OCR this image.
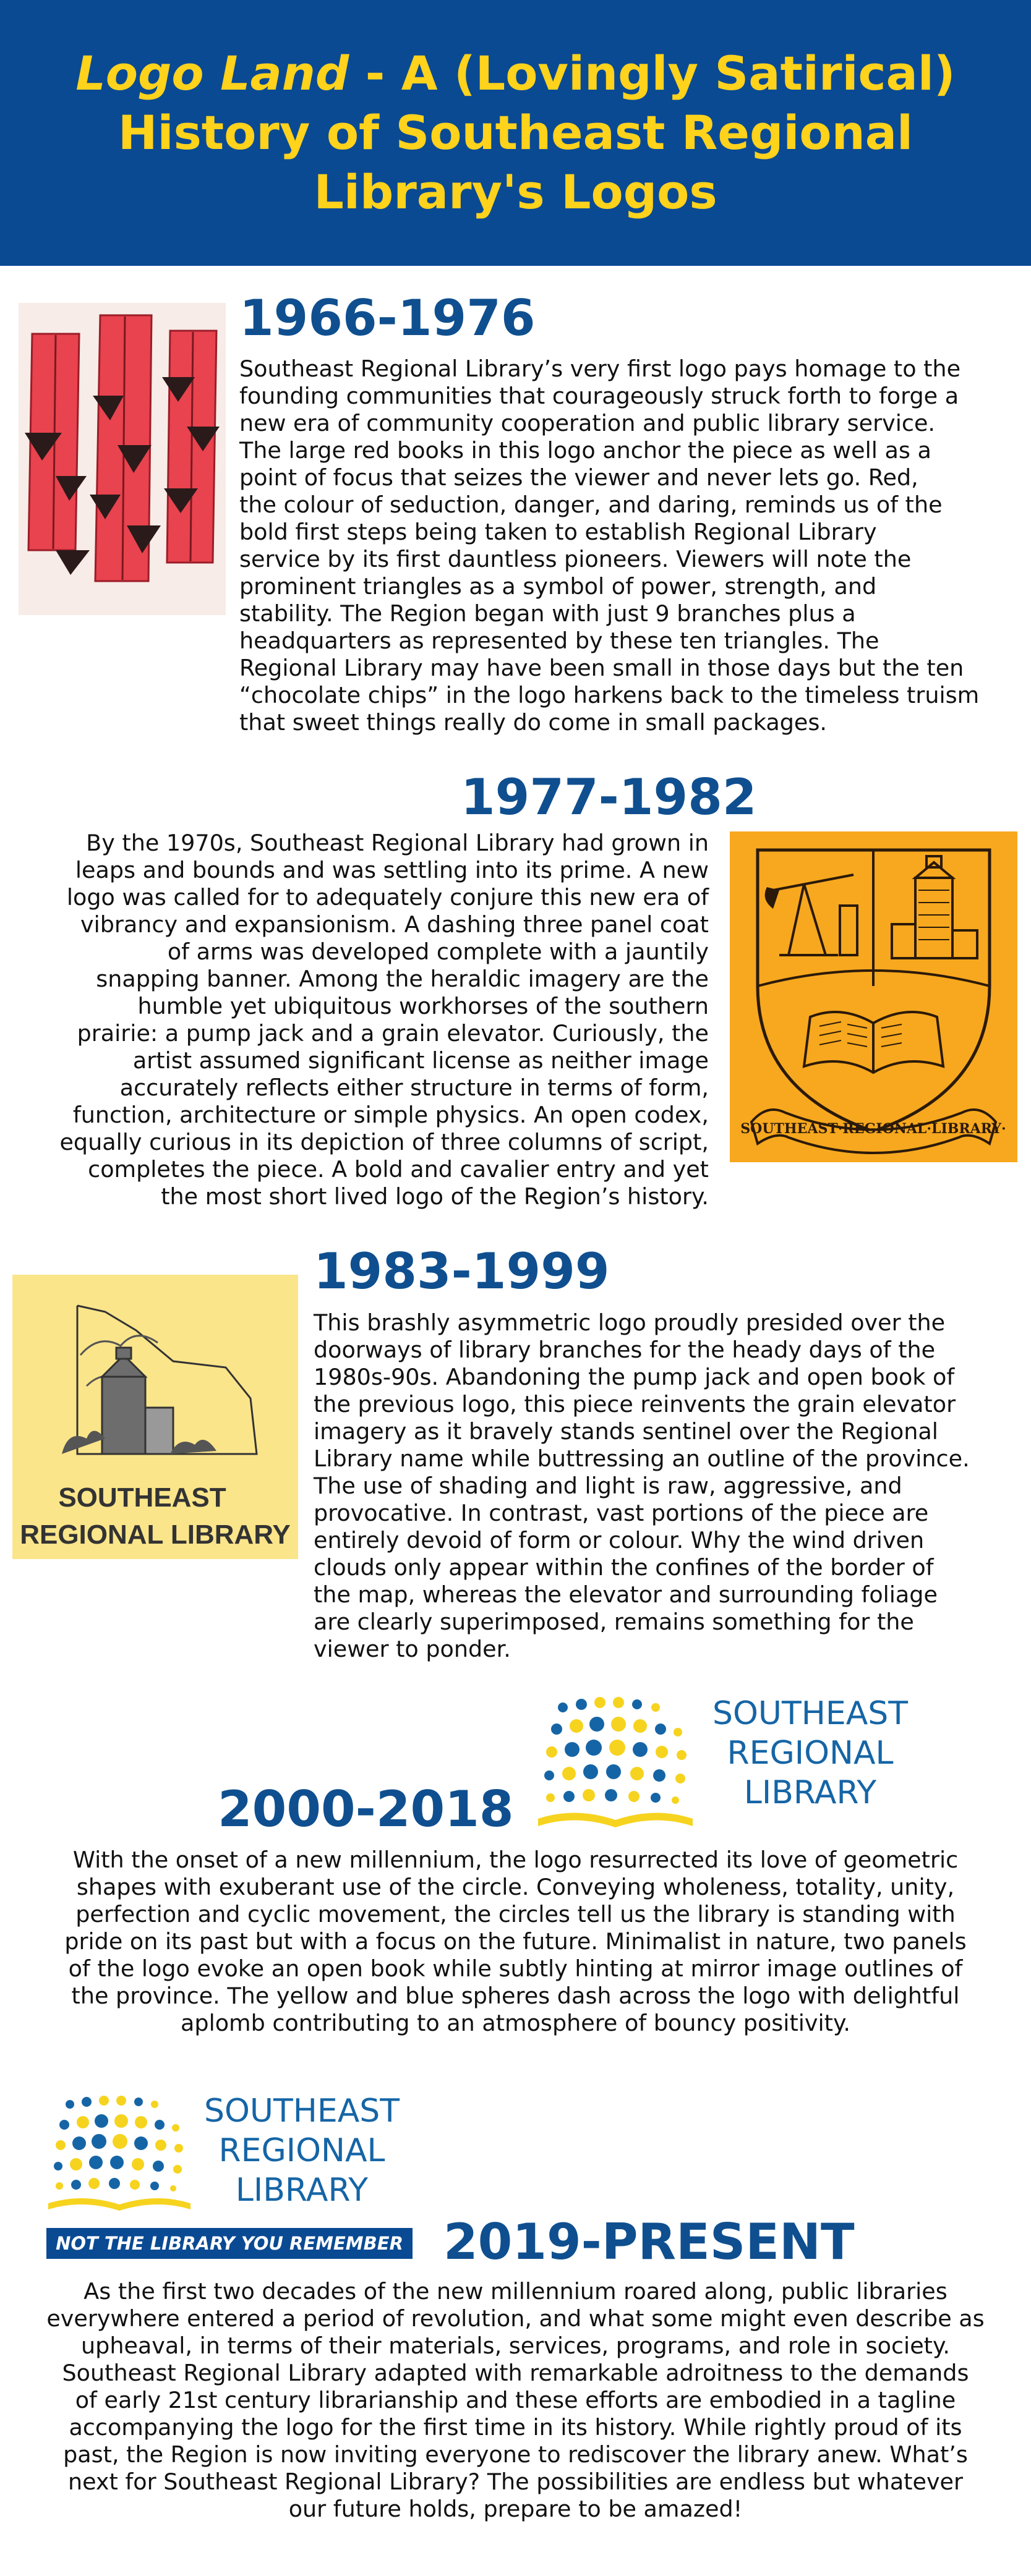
Logo Land - A (Lovingly Satirical)
History of Southeast Regional
Library's Logos
1966-1976
Southeast Regional Library’s very first logo pays homage to the
founding communities that courageously struck forth to forge a
new era of community cooperation and public library service.
The large red books in this logo anchor the piece as well as a
point of focus that seizes the viewer and never lets go. Red,
the colour of seduction, danger, and daring, reminds us of the
bold first steps being taken to establish Regional Library
service by its first dauntless pioneers. Viewers will note the
prominent triangles as a symbol of power, strength, and
stability. The Region began with just 9 branches plus a
headquarters as represented by these ten triangles. The
Regional Library may have been small in those days but the ten
“chocolate chips” in the logo harkens back to the timeless truism
that sweet things really do come in small packages.
1977-1982
By the 1970s, Southeast Regional Library had grown in
leaps and bounds and was settling into its prime. A new
logo was called for to adequately conjure this new era of
vibrancy and expansionism. A dashing three panel coat
of arms was developed complete with a jauntily
snapping banner. Among the heraldic imagery are the
humble yet ubiquitous workhorses of the southern
prairie: a pump jack and a grain elevator. Curiously, the
artist assumed significant license as neither image
accurately reflects either structure in terms of form,
function, architecture or simple physics. An open codex,
equally curious in its depiction of three columns of script,
completes the piece. A bold and cavalier entry and yet
the most short lived logo of the Region’s history.
SOUTHEAST·REGIONAL·LIBRARY·
SOUTHEAST
REGIONAL LIBRARY
1983-1999
This brashly asymmetric logo proudly presided over the
doorways of library branches for the heady days of the
1980s-90s. Abandoning the pump jack and open book of
the previous logo, this piece reinvents the grain elevator
imagery as it bravely stands sentinel over the Regional
Library name while buttressing an outline of the province.
The use of shading and light is raw, aggressive, and
provocative. In contrast, vast portions of the piece are
entirely devoid of form or colour. Why the wind driven
clouds only appear within the confines of the border of
the map, whereas the elevator and surrounding foliage
are clearly superimposed, remains something for the
viewer to ponder.
SOUTHEAST
REGIONAL
LIBRARY
2000-2018
With the onset of a new millennium, the logo resurrected its love of geometric
shapes with exuberant use of the circle. Conveying wholeness, totality, unity,
perfection and cyclic movement, the circles tell us the library is standing with
pride on its past but with a focus on the future. Minimalist in nature, two panels
of the logo evoke an open book while subtly hinting at mirror image outlines of
the province. The yellow and blue spheres dash across the logo with delightful
aplomb contributing to an atmosphere of bouncy positivity.
SOUTHEAST
REGIONAL
LIBRARY
NOT THE LIBRARY YOU REMEMBER 2019-PRESENT
As the first two decades of the new millennium roared along, public libraries
everywhere entered a period of revolution, and what some might even describe as
upheaval, in terms of their materials, services, programs, and role in society.
Southeast Regional Library adapted with remarkable adroitness to the demands
of early 21st century librarianship and these efforts are embodied in a tagline
accompanying the logo for the first time in its history. While rightly proud of its
past, the Region is now inviting everyone to rediscover the library anew. What’s
next for Southeast Regional Library? The possibilities are endless but whatever
our future holds, prepare to be amazed!
